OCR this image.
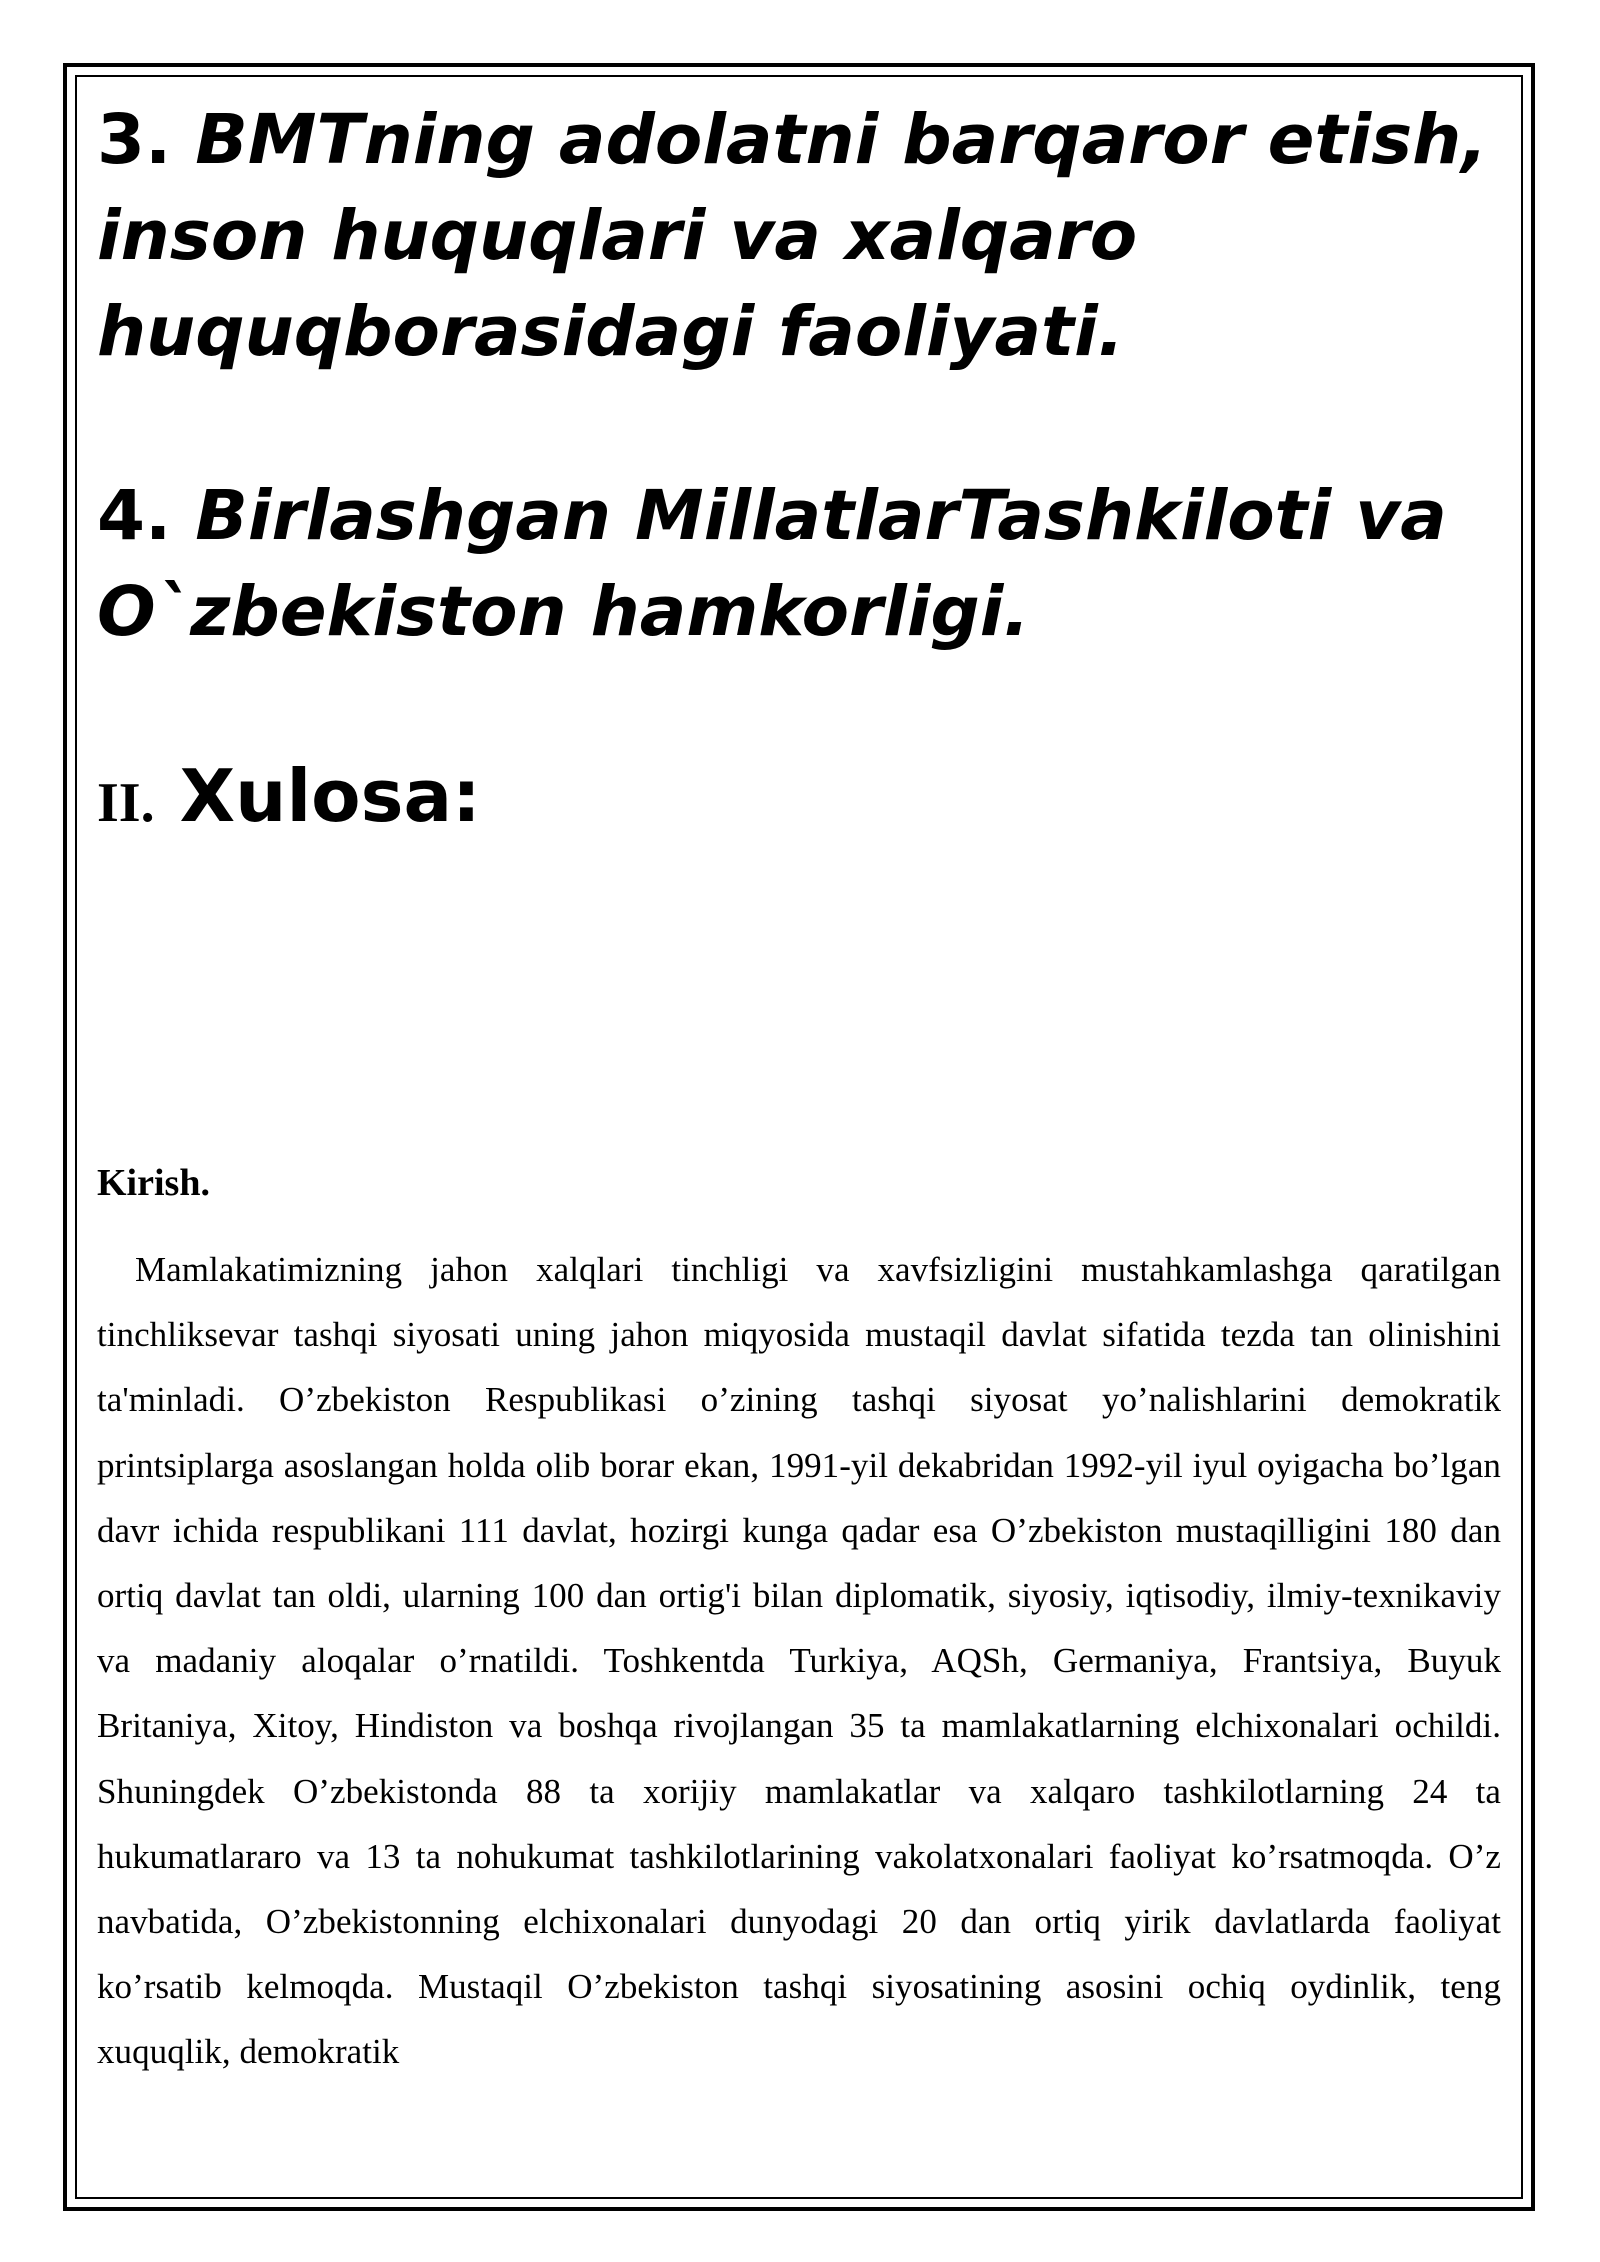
3. BMTning adolatni barqaror etish, inson huquqlari va xalqaro huquqborasidagi faoliyati.
4. Birlashgan MillatlarTashkiloti va O`zbekiston hamkorligi.
II. Xulosa:
Kirish.

Mamlakatimizning jahon xalqlari tinchligi va xavfsizligini mustahkamlashga qaratilgan tinchliksevar tashqi siyosati uning jahon miqyosida mustaqil davlat sifatida tezda tan olinishini ta'minladi. O’zbekiston Respublikasi o’zining tashqi siyosat yo’nalishlarini demokratik printsiplarga asoslangan holda olib borar ekan, 1991-yil dekabridan 1992-yil iyul oyigacha bo’lgan davr ichida respublikani 111 davlat, hozirgi kunga qadar esa O’zbekiston mustaqilligini 180 dan ortiq davlat tan oldi, ularning 100 dan ortig'i bilan diplomatik, siyosiy, iqtisodiy, ilmiy-texnikaviy va madaniy aloqalar o’rnatildi. Toshkentda Turkiya, AQSh, Germaniya, Frantsiya, Buyuk Britaniya, Xitoy, Hindiston va boshqa rivojlangan 35 ta mamlakatlarning elchixonalari ochildi. Shuningdek O’zbekistonda 88 ta xorijiy mamlakatlar va xalqaro tashkilotlarning 24 ta hukumatlararo va 13 ta nohukumat tashkilotlarining vakolatxonalari faoliyat ko’rsatmoqda. O’z navbatida, O’zbekistonning elchixonalari dunyodagi 20 dan ortiq yirik davlatlarda faoliyat ko’rsatib kelmoqda. Mustaqil O’zbekiston tashqi siyosatining asosini ochiq oydinlik, teng xuquqlik, demokratik
